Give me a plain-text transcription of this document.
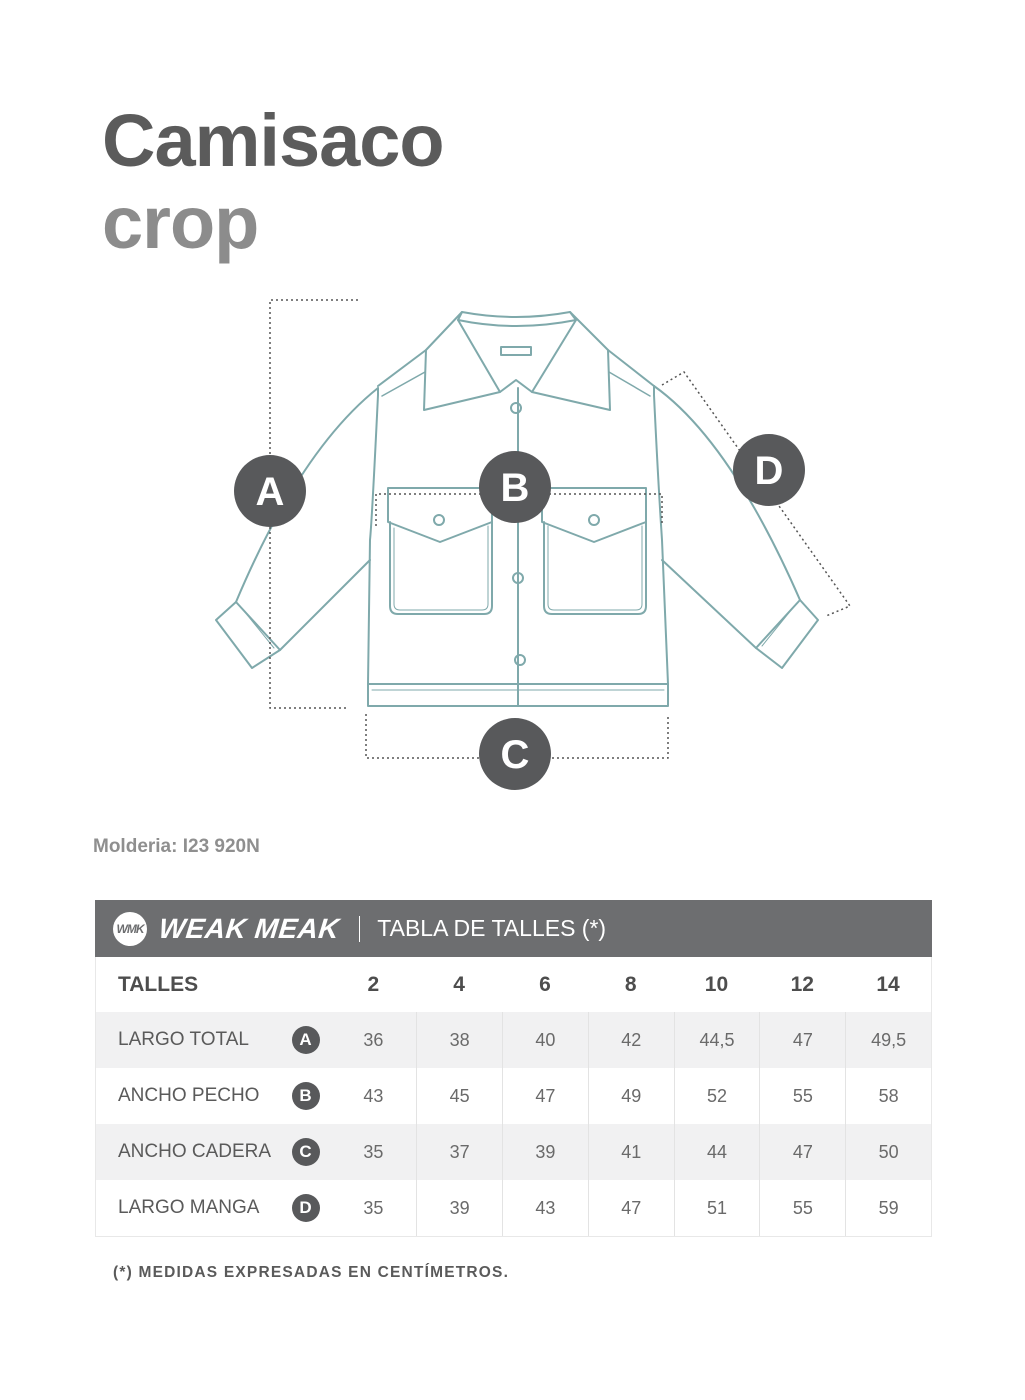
Camisaco
crop
A	B
C
D
Molderia: I23 920N
WMK WEAK MEAK TABLA DE TALLES (*)
TALLES	2	4	6	8	10	12	14
LARGO TOTAL	A	36	38	40	42	44,5	47	49,5
ANCHO PECHO	B	43	45	47	49	52	55	58
ANCHO CADERA	C	35	37	39	41	44	47	50
LARGO MANGA	D	35	39	43	47	51	55	59
(*) MEDIDAS EXPRESADAS EN CENTÍMETROS.
